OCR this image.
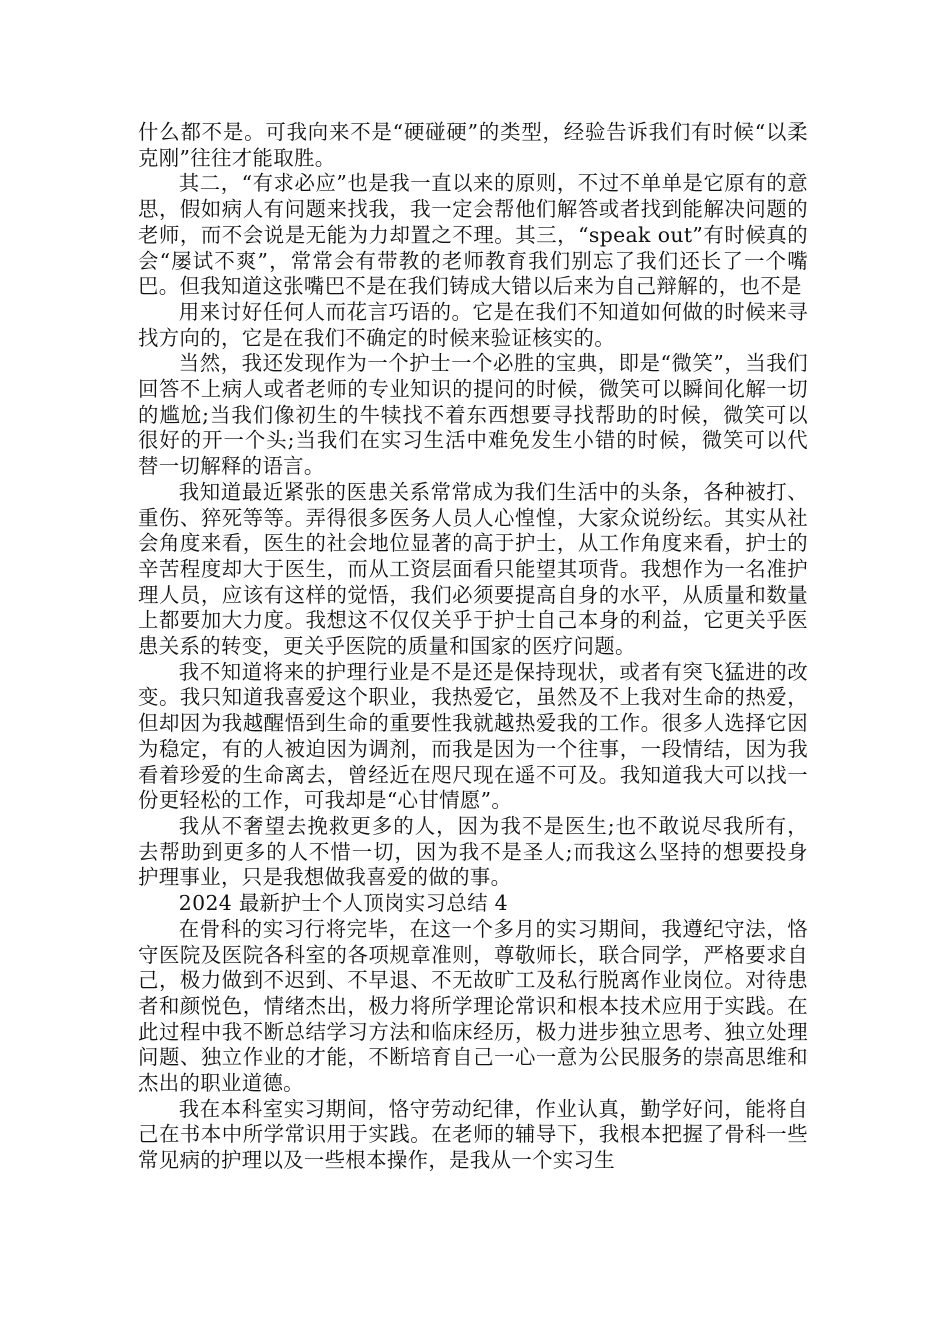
什么都不是。可我向来不是“硬碰硬”的类型，经验告诉我们有时候“以柔克刚”往往才能取胜。

其二，“有求必应”也是我一直以来的原则，不过不单单是它原有的意思，假如病人有问题来找我，我一定会帮他们解答或者找到能解决问题的老师，而不会说是无能为力却置之不理。其三，“speak out”有时候真的会“屡试不爽”，常常会有带教的老师教育我们别忘了我们还长了一个嘴巴。但我知道这张嘴巴不是在我们铸成大错以后来为自己辩解的，也不是

用来讨好任何人而花言巧语的。它是在我们不知道如何做的时候来寻找方向的，它是在我们不确定的时候来验证核实的。

当然，我还发现作为一个护士一个必胜的宝典，即是“微笑”，当我们回答不上病人或者老师的专业知识的提问的时候，微笑可以瞬间化解一切的尴尬;当我们像初生的牛犊找不着东西想要寻找帮助的时候，微笑可以很好的开一个头;当我们在实习生活中难免发生小错的时候，微笑可以代替一切解释的语言。

我知道最近紧张的医患关系常常成为我们生活中的头条，各种被打、重伤、猝死等等。弄得很多医务人员人心惶惶，大家众说纷纭。其实从社会角度来看，医生的社会地位显著的高于护士，从工作角度来看，护士的辛苦程度却大于医生，而从工资层面看只能望其项背。我想作为一名准护理人员，应该有这样的觉悟，我们必须要提高自身的水平，从质量和数量上都要加大力度。我想这不仅仅关乎于护士自己本身的利益，它更关乎医患关系的转变，更关乎医院的质量和国家的医疗问题。

我不知道将来的护理行业是不是还是保持现状，或者有突飞猛进的改变。我只知道我喜爱这个职业，我热爱它，虽然及不上我对生命的热爱，但却因为我越醒悟到生命的重要性我就越热爱我的工作。很多人选择它因为稳定，有的人被迫因为调剂，而我是因为一个往事，一段情结，因为我看着珍爱的生命离去，曾经近在咫尺现在遥不可及。我知道我大可以找一份更轻松的工作，可我却是“心甘情愿”。

我从不奢望去挽救更多的人，因为我不是医生;也不敢说尽我所有，去帮助到更多的人不惜一切，因为我不是圣人;而我这么坚持的想要投身护理事业，只是我想做我喜爱的做的事。

2024 最新护士个人顶岗实习总结 4

在骨科的实习行将完毕，在这一个多月的实习期间，我遵纪守法，恪守医院及医院各科室的各项规章准则，尊敬师长，联合同学，严格要求自己，极力做到不迟到、不早退、不无故旷工及私行脱离作业岗位。对待患者和颜悦色，情绪杰出，极力将所学理论常识和根本技术应用于实践。在此过程中我不断总结学习方法和临床经历，极力进步独立思考、独立处理问题、独立作业的才能，不断培育自己一心一意为公民服务的崇高思维和杰出的职业道德。

我在本科室实习期间，恪守劳动纪律，作业认真，勤学好问，能将自己在书本中所学常识用于实践。在老师的辅导下，我根本把握了骨科一些常见病的护理以及一些根本操作，是我从一个实习生
